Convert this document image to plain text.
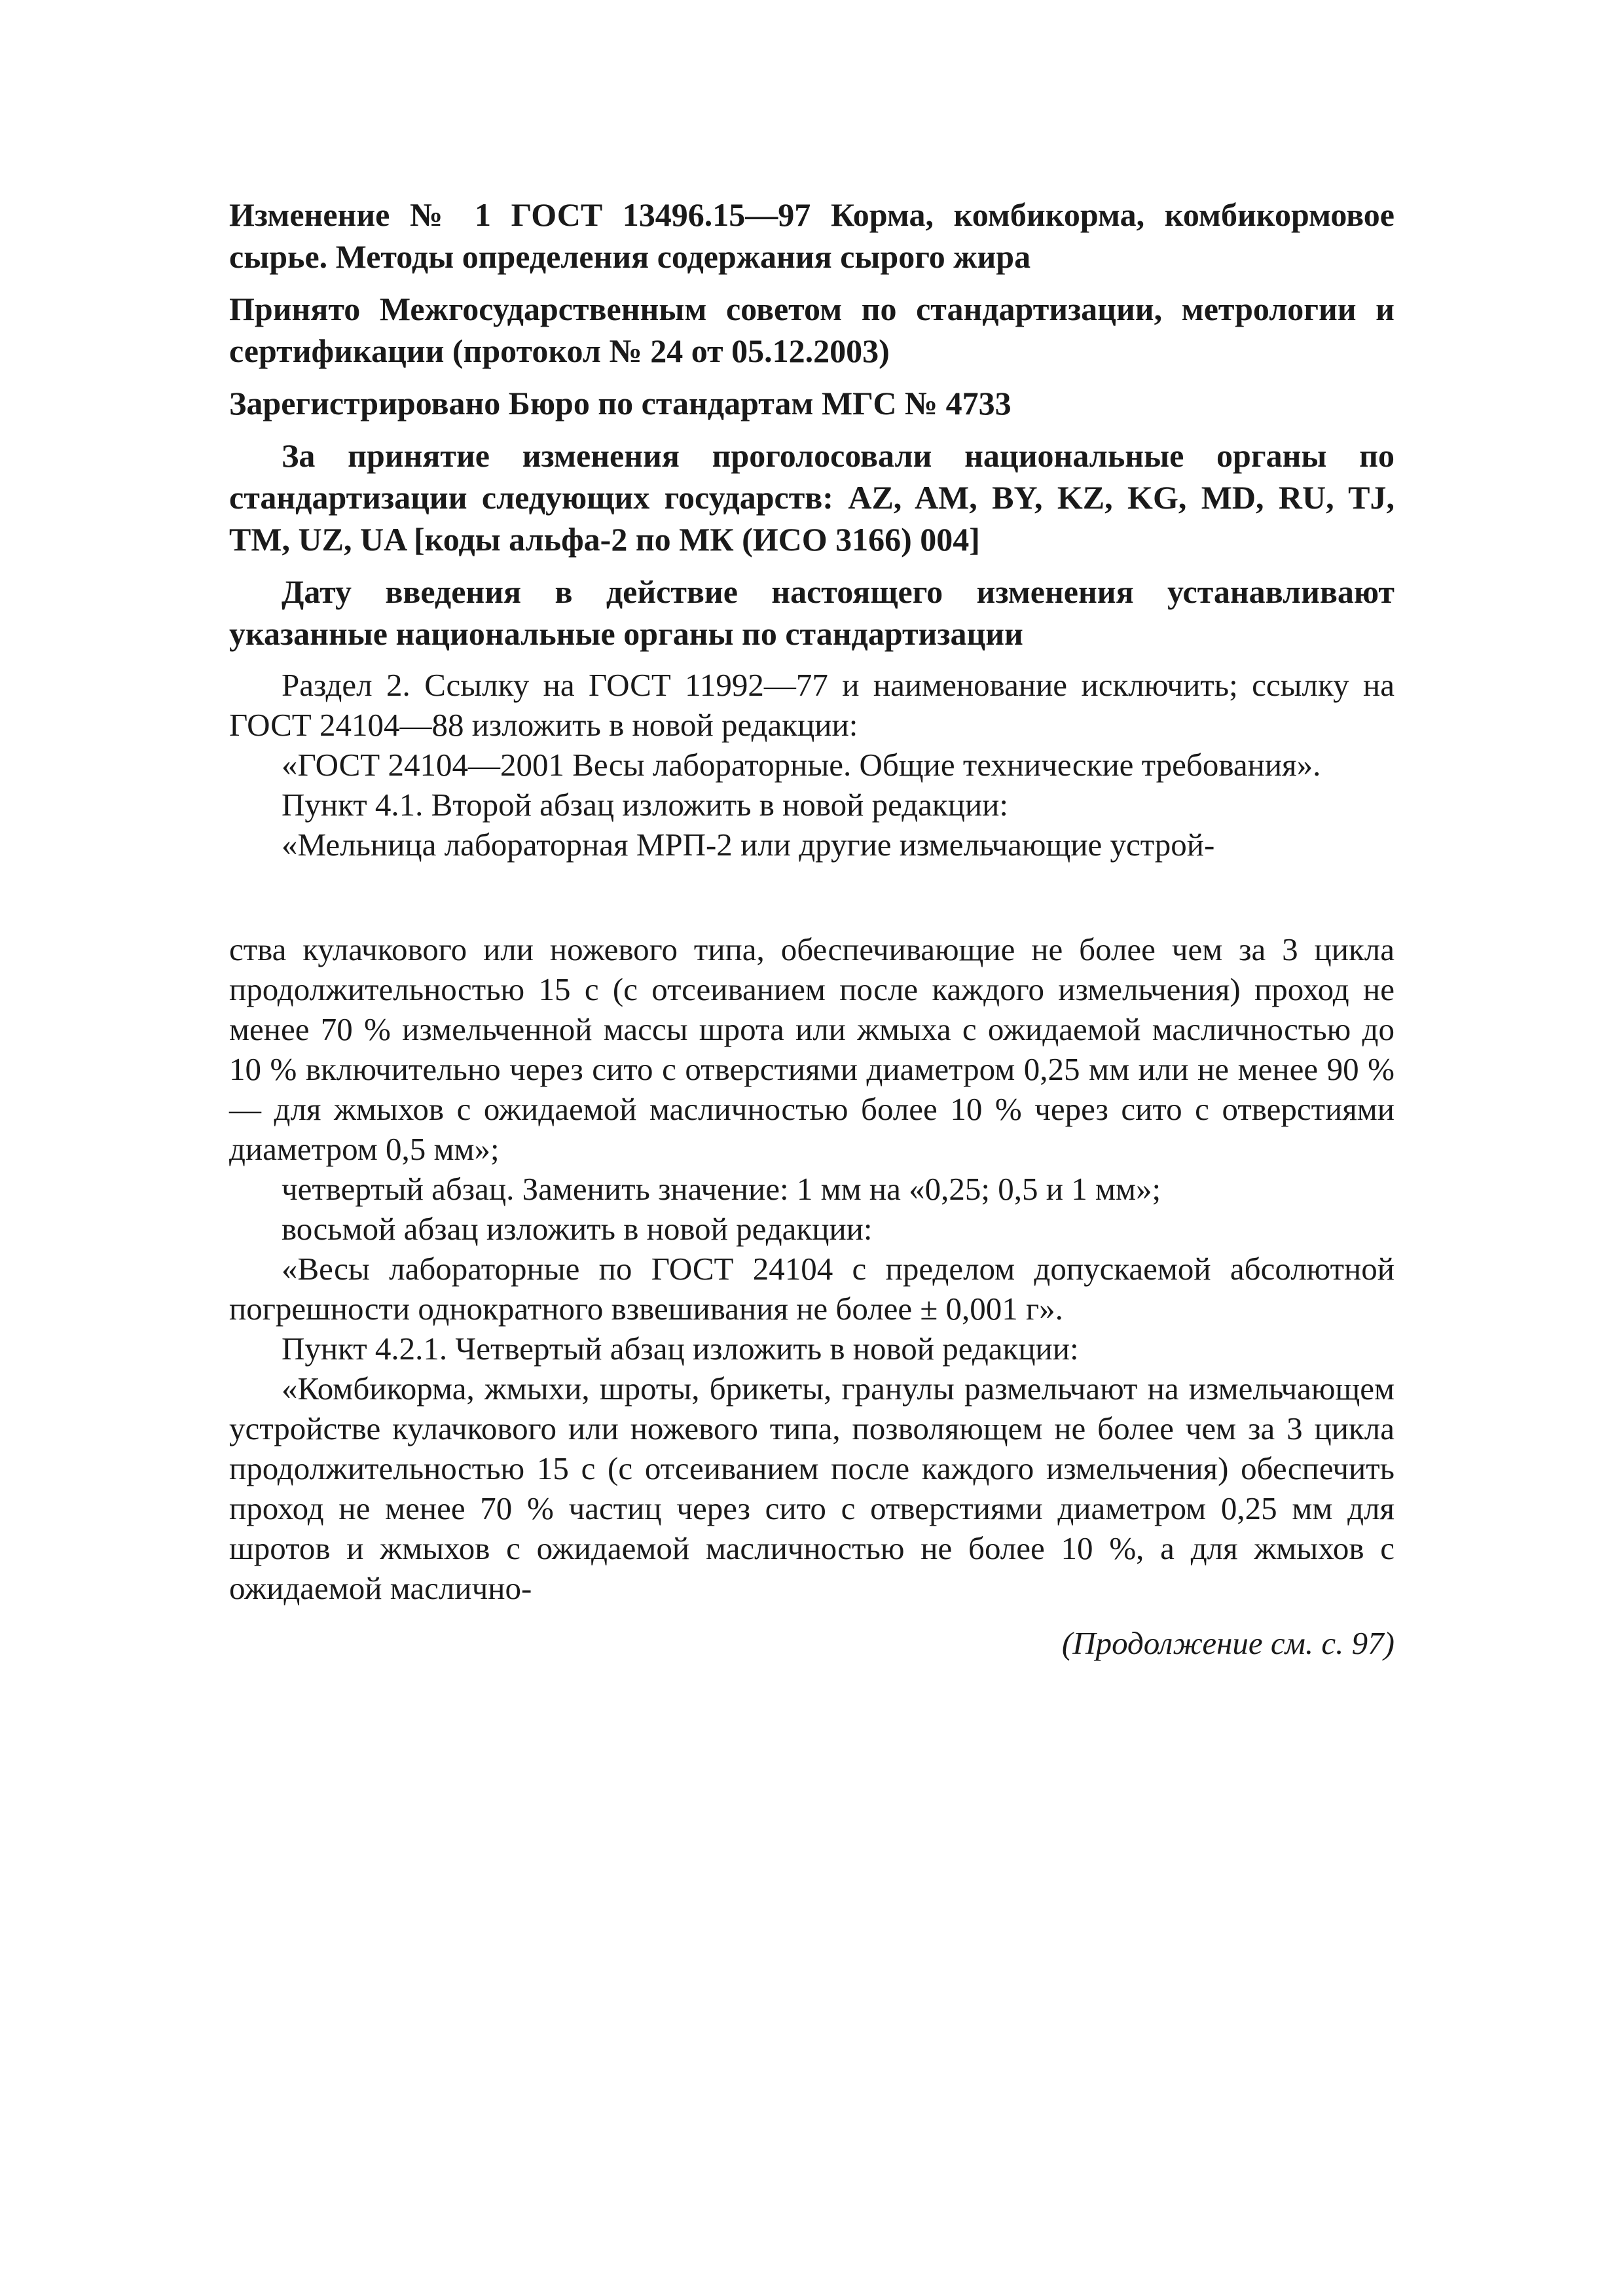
Изменение № 1 ГОСТ 13496.15—97 Корма, комбикорма, комбикормовое сырье. Методы определения содержания сырого жира

Принято Межгосударственным советом по стандартизации, метрологии и сертификации (протокол № 24 от 05.12.2003)

Зарегистрировано Бюро по стандартам МГС № 4733

За принятие изменения проголосовали национальные органы по стандартизации следующих государств: AZ, AM, BY, KZ, KG, MD, RU, TJ, TM, UZ, UA [коды альфа-2 по МК (ИСО 3166) 004]

Дату введения в действие настоящего изменения устанавливают указанные национальные органы по стандартизации

Раздел 2. Ссылку на ГОСТ 11992—77 и наименование исключить; ссылку на ГОСТ 24104—88 изложить в новой редакции:

«ГОСТ 24104—2001 Весы лабораторные. Общие технические требования».

Пункт 4.1. Второй абзац изложить в новой редакции:

«Мельница лабораторная МРП-2 или другие измельчающие устрой-

ства кулачкового или ножевого типа, обеспечивающие не более чем за 3 цикла продолжительностью 15 с (с отсеиванием после каждого измельчения) проход не менее 70 % измельченной массы шрота или жмыха с ожидаемой масличностью до 10 % включительно через сито с отверстиями диаметром 0,25 мм или не менее 90 % — для жмыхов с ожидаемой масличностью более 10 % через сито с отверстиями диаметром 0,5 мм»;

четвертый абзац. Заменить значение: 1 мм на «0,25; 0,5 и 1 мм»;

восьмой абзац изложить в новой редакции:

«Весы лабораторные по ГОСТ 24104 с пределом допускаемой абсолютной погрешности однократного взвешивания не более ± 0,001 г».

Пункт 4.2.1. Четвертый абзац изложить в новой редакции:

«Комбикорма, жмыхи, шроты, брикеты, гранулы размельчают на измельчающем устройстве кулачкового или ножевого типа, позволяющем не более чем за 3 цикла продолжительностью 15 с (с отсеиванием после каждого измельчения) обеспечить проход не менее 70 % частиц через сито с отверстиями диаметром 0,25 мм для шротов и жмыхов с ожидаемой масличностью не более 10 %, а для жмыхов с ожидаемой маслично-

(Продолжение см. с. 97)
